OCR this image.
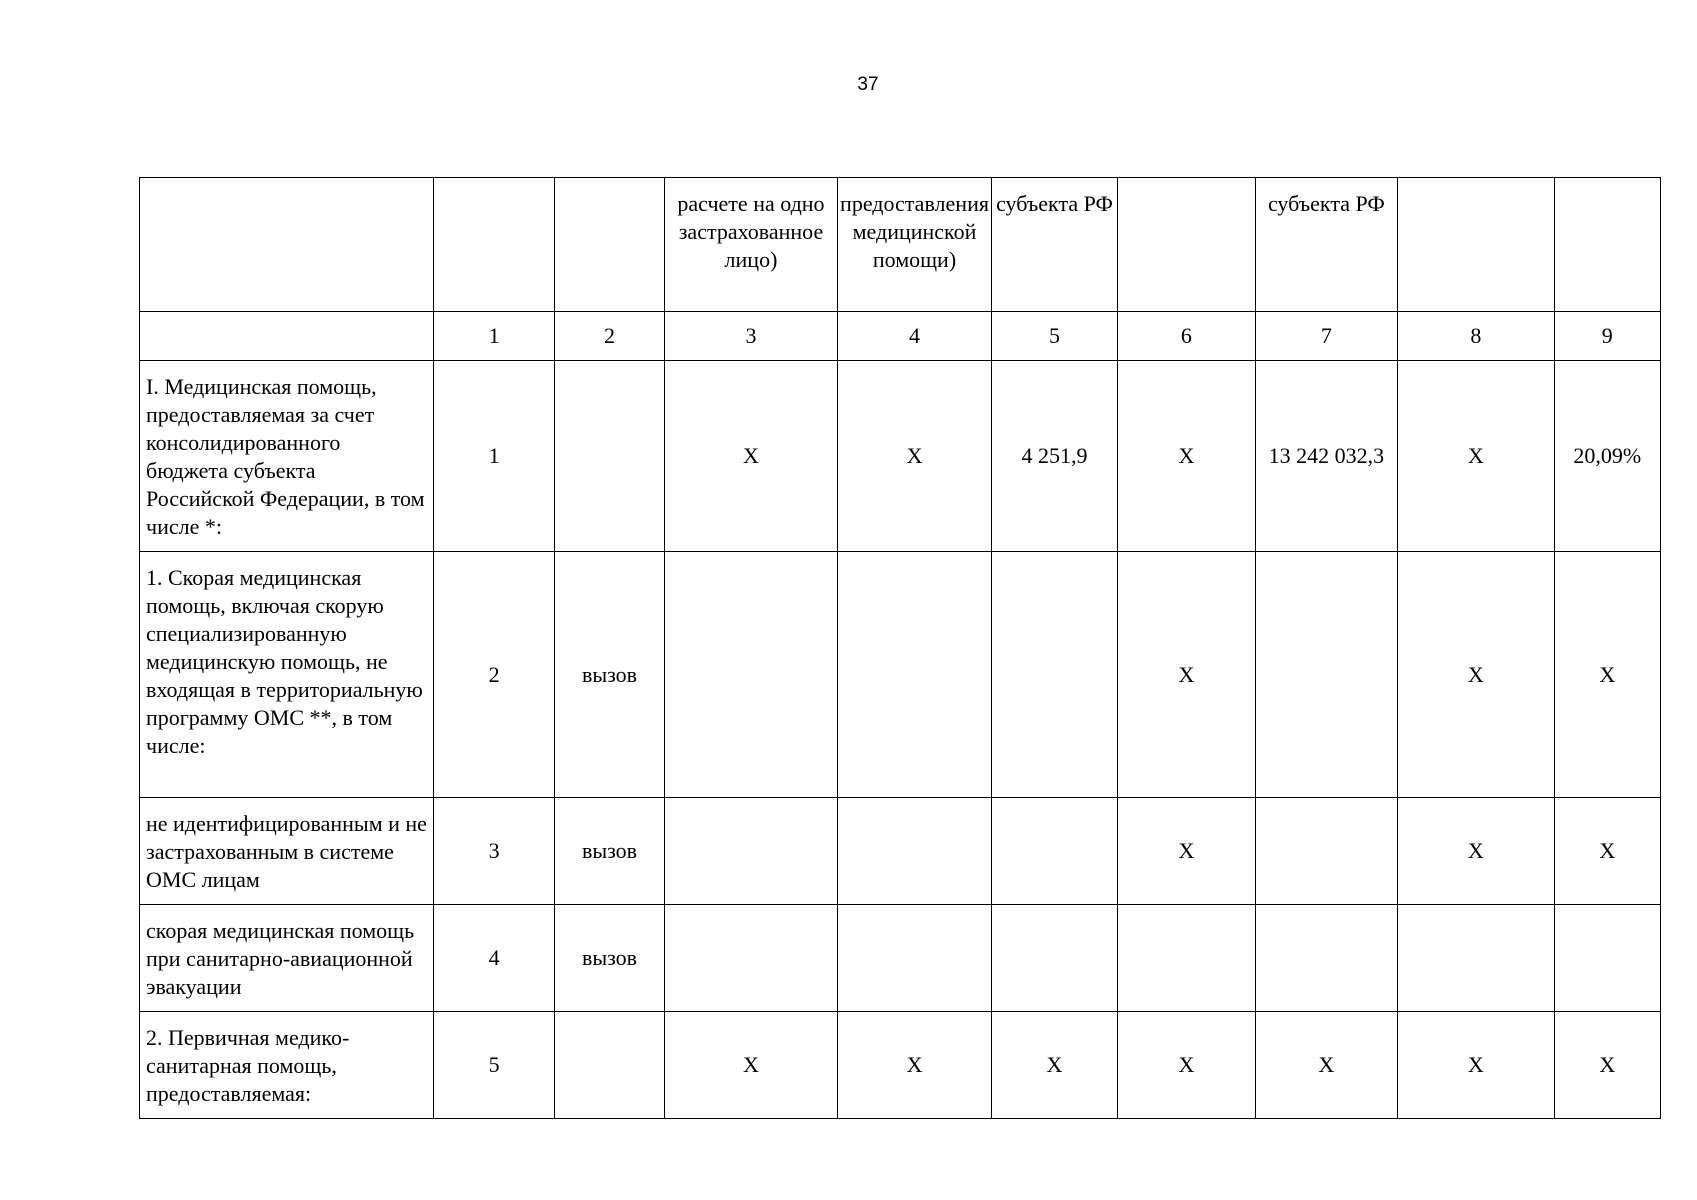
37
			расчете на одно застрахованное лицо)	предоставления медицинской помощи)	субъекта РФ		субъекта РФ		
	1	2	3	4	5	6	7	8	9
I. Медицинская помощь, предоставляемая за счет консолидированного бюджета субъекта Российской Федерации, в том числе *:	1		Х	Х	4 251,9	Х	13 242 032,3	Х	20,09%
1. Скорая медицинская помощь, включая скорую специализированную медицинскую помощь, не входящая в территориальную программу ОМС **, в том числе:	2	вызов				Х		Х	Х
не идентифицированным и не застрахованным в системе ОМС лицам	3	вызов				Х		Х	Х
скорая медицинская помощь при санитарно-авиационной эвакуации	4	вызов							
2. Первичная медико-санитарная помощь, предоставляемая:	5		Х	Х	Х	Х	Х	Х	Х
